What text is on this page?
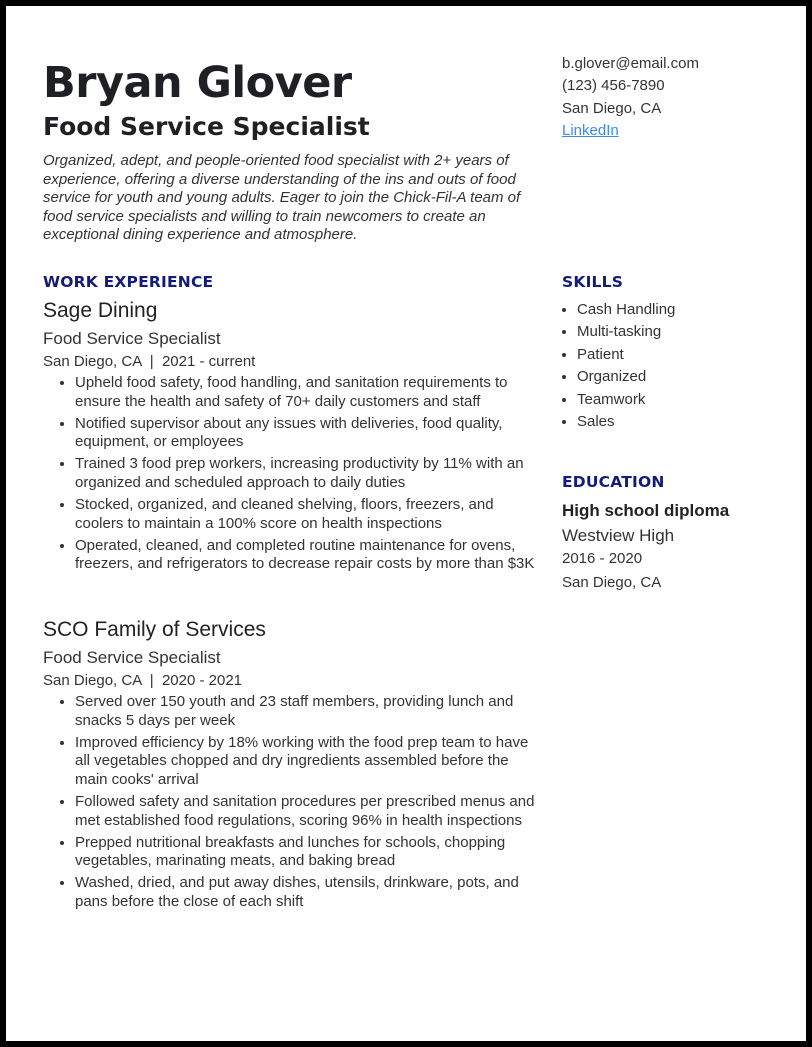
Bryan Glover
Food Service Specialist
Organized, adept, and people-oriented food specialist with 2+ years of experience, offering a diverse understanding of the ins and outs of food service for youth and young adults. Eager to join the Chick-Fil-A team of food service specialists and willing to train newcomers to create an exceptional dining experience and atmosphere.
b.glover@email.com
(123) 456-7890
San Diego, CA
LinkedIn
WORK EXPERIENCE
Sage Dining
Food Service Specialist
San Diego, CA  |  2021 - current
• Upheld food safety, food handling, and sanitation requirements to ensure the health and safety of 70+ daily customers and staff
• Notified supervisor about any issues with deliveries, food quality, equipment, or employees
• Trained 3 food prep workers, increasing productivity by 11% with an organized and scheduled approach to daily duties
• Stocked, organized, and cleaned shelving, floors, freezers, and coolers to maintain a 100% score on health inspections
• Operated, cleaned, and completed routine maintenance for ovens, freezers, and refrigerators to decrease repair costs by more than $3K
SCO Family of Services
Food Service Specialist
San Diego, CA  |  2020 - 2021
• Served over 150 youth and 23 staff members, providing lunch and snacks 5 days per week
• Improved efficiency by 18% working with the food prep team to have all vegetables chopped and dry ingredients assembled before the main cooks' arrival
• Followed safety and sanitation procedures per prescribed menus and met established food regulations, scoring 96% in health inspections
• Prepped nutritional breakfasts and lunches for schools, chopping vegetables, marinating meats, and baking bread
• Washed, dried, and put away dishes, utensils, drinkware, pots, and pans before the close of each shift
SKILLS
• Cash Handling
• Multi-tasking
• Patient
• Organized
• Teamwork
• Sales
EDUCATION
High school diploma
Westview High
2016 - 2020
San Diego, CA
